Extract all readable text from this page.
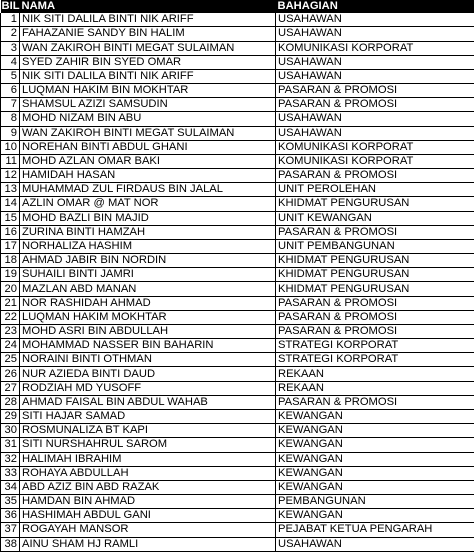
BIL	NAMA	BAHAGIAN
1	NIK SITI DALILA BINTI NIK ARIFF	USAHAWAN
2	FAHAZANIE SANDY BIN HALIM	USAHAWAN
3	WAN ZAKIROH BINTI MEGAT SULAIMAN	KOMUNIKASI KORPORAT
4	SYED ZAHIR BIN SYED OMAR	USAHAWAN
5	NIK SITI DALILA BINTI NIK ARIFF	USAHAWAN
6	LUQMAN HAKIM BIN MOKHTAR	PASARAN & PROMOSI
7	SHAMSUL AZIZI SAMSUDIN	PASARAN & PROMOSI
8	MOHD NIZAM BIN ABU	USAHAWAN
9	WAN ZAKIROH BINTI MEGAT SULAIMAN	USAHAWAN
10	NOREHAN BINTI ABDUL GHANI	KOMUNIKASI KORPORAT
11	MOHD AZLAN OMAR BAKI	KOMUNIKASI KORPORAT
12	HAMIDAH HASAN	PASARAN & PROMOSI
13	MUHAMMAD ZUL FIRDAUS BIN JALAL	UNIT PEROLEHAN
14	AZLIN OMAR @ MAT NOR	KHIDMAT PENGURUSAN
15	MOHD BAZLI BIN MAJID	UNIT KEWANGAN
16	ZURINA BINTI HAMZAH	PASARAN & PROMOSI
17	NORHALIZA HASHIM	UNIT PEMBANGUNAN
18	AHMAD JABIR BIN NORDIN	KHIDMAT PENGURUSAN
19	SUHAILI BINTI JAMRI	KHIDMAT PENGURUSAN
20	MAZLAN ABD MANAN	KHIDMAT PENGURUSAN
21	NOR RASHIDAH AHMAD	PASARAN & PROMOSI
22	LUQMAN HAKIM MOKHTAR	PASARAN & PROMOSI
23	MOHD ASRI BIN ABDULLAH	PASARAN & PROMOSI
24	MOHAMMAD NASSER BIN BAHARIN	STRATEGI KORPORAT
25	NORAINI BINTI OTHMAN	STRATEGI KORPORAT
26	NUR AZIEDA BINTI DAUD	REKAAN
27	RODZIAH MD YUSOFF	REKAAN
28	AHMAD FAISAL BIN ABDUL WAHAB	PASARAN & PROMOSI
29	SITI HAJAR SAMAD	KEWANGAN
30	ROSMUNALIZA BT KAPI	KEWANGAN
31	SITI NURSHAHRUL SAROM	KEWANGAN
32	HALIMAH IBRAHIM	KEWANGAN
33	ROHAYA ABDULLAH	KEWANGAN
34	ABD AZIZ BIN ABD RAZAK	KEWANGAN
35	HAMDAN BIN AHMAD	PEMBANGUNAN
36	HASHIMAH ABDUL GANI	KEWANGAN
37	ROGAYAH MANSOR	PEJABAT KETUA PENGARAH
38	AINU SHAM HJ RAMLI	USAHAWAN
